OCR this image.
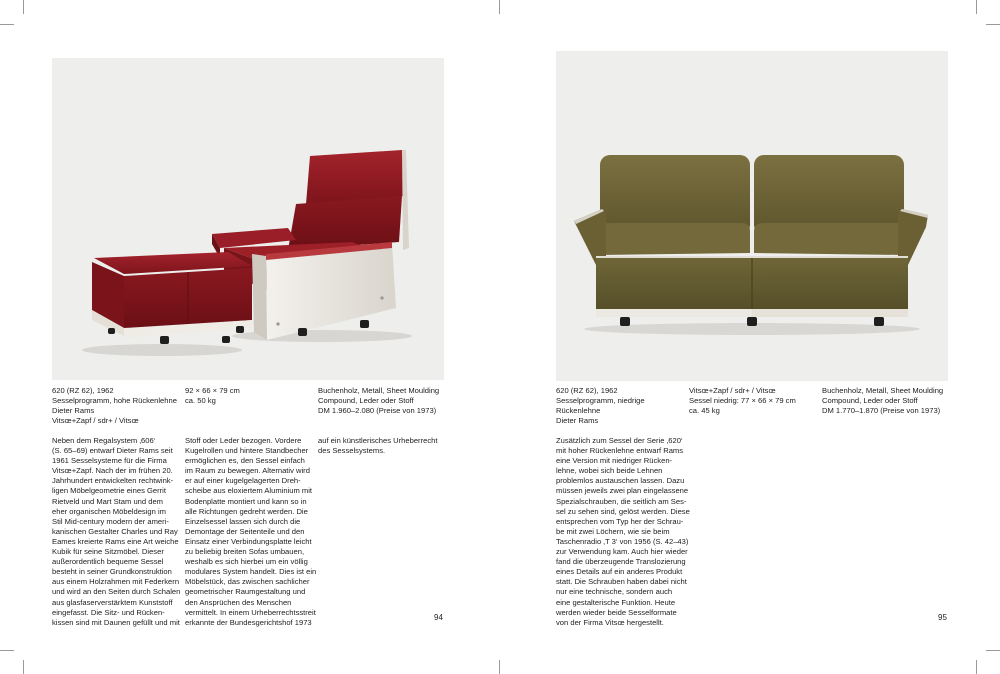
620 (RZ 62), 1962
Sesselprogramm, hohe Rückenlehne
Dieter Rams
Vitsœ+Zapf / sdr+ / Vitsœ
92 × 66 × 79 cm
ca. 50 kg
Buchenholz, Metall, Sheet Moulding
Compound, Leder oder Stoff
DM 1.960–2.080 (Preise von 1973)
Neben dem Regalsystem ‚606‘
(S. 65–69) entwarf Dieter Rams seit
1961 Sesselsysteme für die Firma
Vitsœ+Zapf. Nach der im frühen 20.
Jahrhundert entwickelten rechtwink-
ligen Möbelgeometrie eines Gerrit
Rietveld und Mart Stam und dem
eher organischen Möbeldesign im
Stil Mid-century modern der ameri-
kanischen Gestalter Charles und Ray
Eames kreierte Rams eine Art weiche
Kubik für seine Sitzmöbel. Dieser
außerordentlich bequeme Sessel
besteht in seiner Grundkonstruktion
aus einem Holzrahmen mit Federkern
und wird an den Seiten durch Schalen
aus glasfaserverstärktem Kunststoff
eingefasst. Die Sitz- und Rücken-
kissen sind mit Daunen gefüllt und mit
Stoff oder Leder bezogen. Vordere
Kugelrollen und hintere Standbecher
ermöglichen es, den Sessel einfach
im Raum zu bewegen. Alternativ wird
er auf einer kugelgelagerten Dreh-
scheibe aus eloxiertem Aluminium mit
Bodenplatte montiert und kann so in
alle Richtungen gedreht werden. Die
Einzelsessel lassen sich durch die
Demontage der Seitenteile und den
Einsatz einer Verbindungsplatte leicht
zu beliebig breiten Sofas umbauen,
weshalb es sich hierbei um ein völlig
modulares System handelt. Dies ist ein
Möbelstück, das zwischen sachlicher
geometrischer Raumgestaltung und
den Ansprüchen des Menschen
vermittelt. In einem Urheberrechtsstreit
erkannte der Bundesgerichtshof 1973
auf ein künstlerisches Urheberrecht
des Sesselsystems.
94
620 (RZ 62), 1962
Sesselprogramm, niedrige
Rückenlehne
Dieter Rams
Vitsœ+Zapf / sdr+ / Vitsœ
Sessel niedrig: 77 × 66 × 79 cm
ca. 45 kg
Buchenholz, Metall, Sheet Moulding
Compound, Leder oder Stoff
DM 1.770–1.870 (Preise von 1973)
Zusätzlich zum Sessel der Serie ‚620‘
mit hoher Rückenlehne entwarf Rams
eine Version mit niedriger Rücken-
lehne, wobei sich beide Lehnen
problemlos austauschen lassen. Dazu
müssen jeweils zwei plan eingelassene
Spezialschrauben, die seitlich am Ses-
sel zu sehen sind, gelöst werden. Diese
entsprechen vom Typ her der Schrau-
be mit zwei Löchern, wie sie beim
Taschenradio ‚T 3‘ von 1956 (S. 42–43)
zur Verwendung kam. Auch hier wieder
fand die überzeugende Translozierung
eines Details auf ein anderes Produkt
statt. Die Schrauben haben dabei nicht
nur eine technische, sondern auch
eine gestalterische Funktion. Heute
werden wieder beide Sesselformate
von der Firma Vitsœ hergestellt.
95
